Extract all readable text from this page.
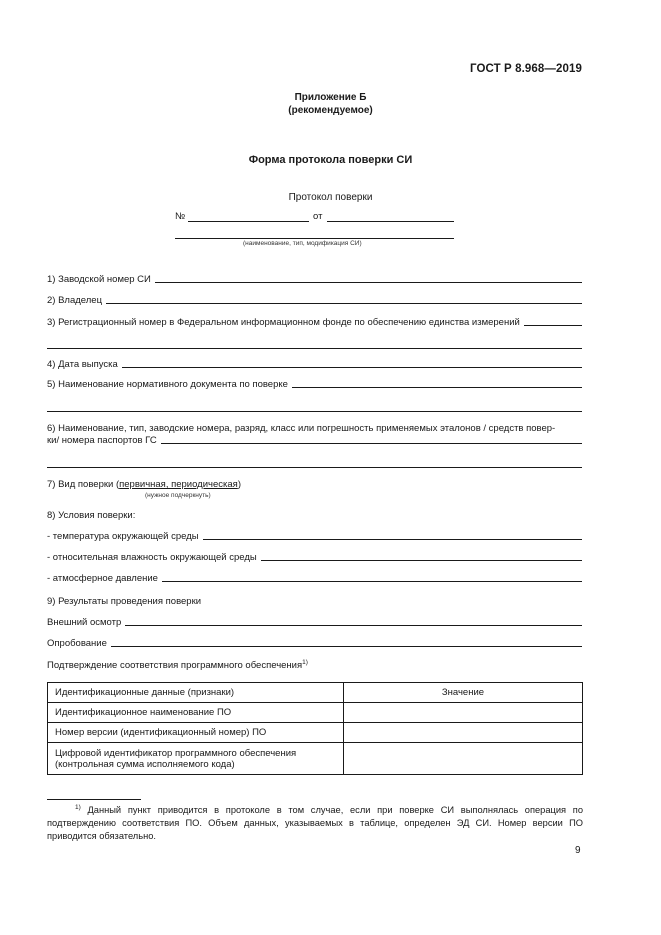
ГОСТ Р 8.968—2019
Приложение Б
(рекомендуемое)
Форма протокола поверки СИ
Протокол поверки
№	от
(наименование, тип, модификация СИ)
1) Заводской номер СИ
2) Владелец
3) Регистрационный номер в Федеральном информационном фонде по обеспечению единства измерений
4) Дата выпуска
5) Наименование нормативного документа по поверке
6) Наименование, тип, заводские номера, разряд, класс или погрешность применяемых эталонов / средств повер-
ки/ номера паспортов ГС
7) Вид поверки (первичная, периодическая)
(нужное подчеркнуть)
8) Условия поверки:
- температура окружающей среды
- относительная влажность окружающей среды
- атмосферное давление
9) Результаты проведения поверки
Внешний осмотр
Опробование
Подтверждение соответствия программного обеспечения$^{1)}$
Идентификационные данные (признаки)	Значение
Идентификационное наименование ПО	
Номер версии (идентификационный номер) ПО	

Цифровой идентификатор программного обеспечения
(контрольная сумма исполняемого кода)	

$^{1)}$ Данный пункт приводится в протоколе в том случае, если при поверке СИ выполнялась операция по подтверждению соответствия ПО. Объем данных, указываемых в таблице, определен ЭД СИ. Номер версии ПО приводится обязательно.
9
